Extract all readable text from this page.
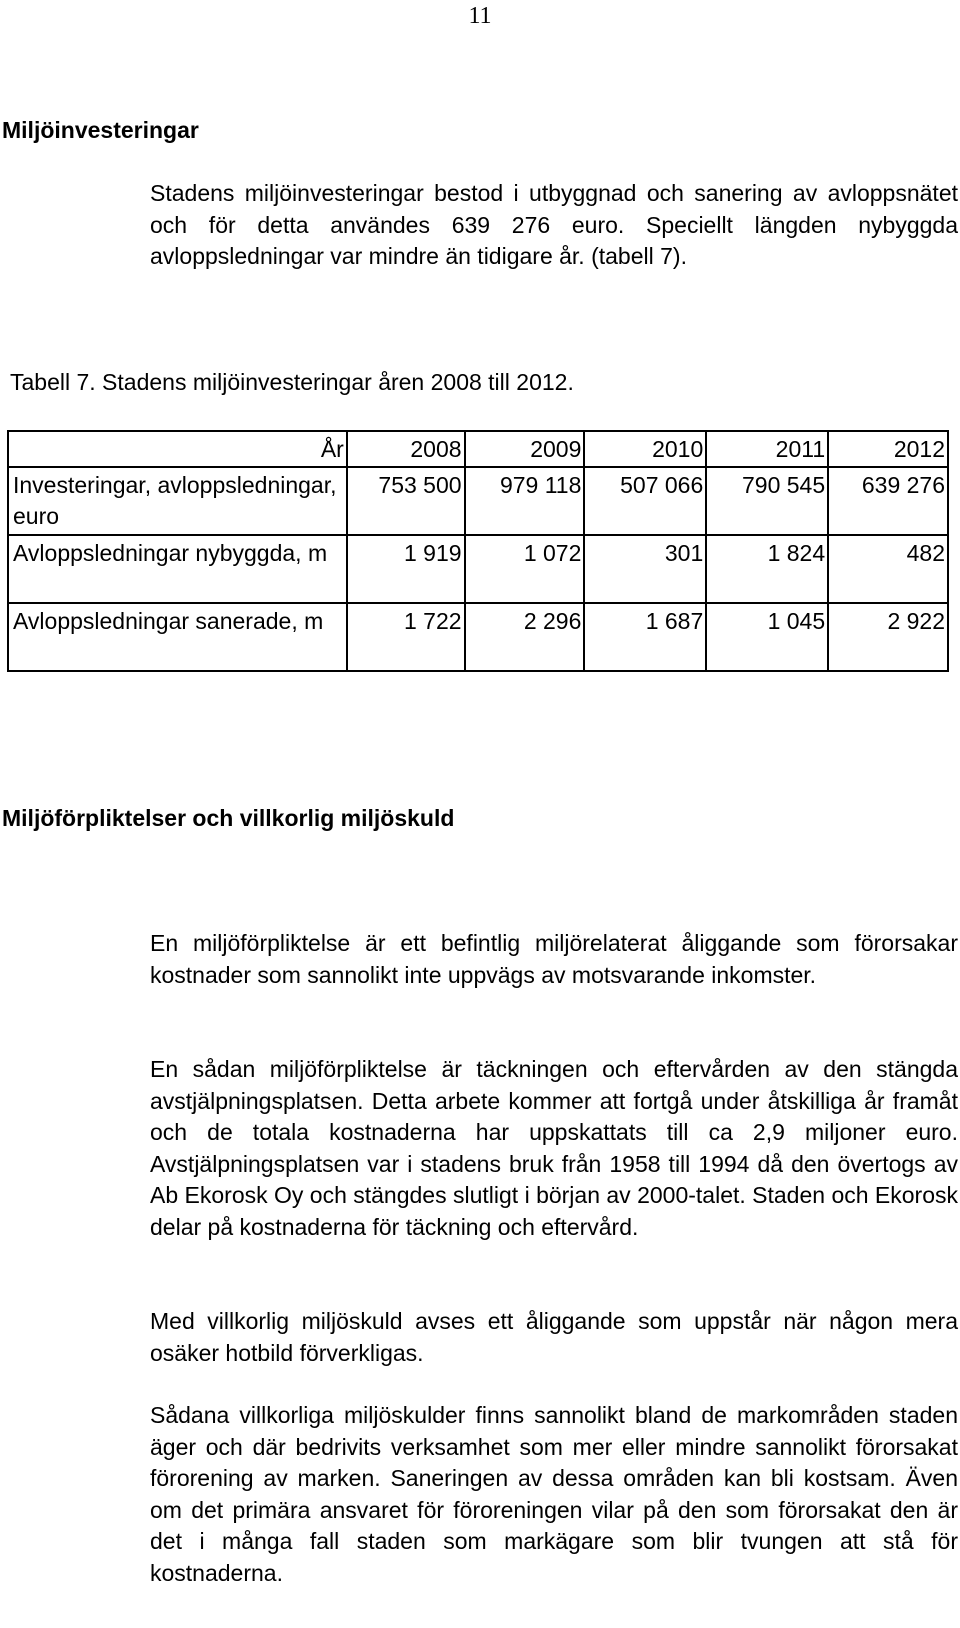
11
Miljöinvesteringar

Stadens miljöinvesteringar bestod i utbyggnad och sanering av avloppsnätet och för detta användes 639 276 euro. Speciellt längden nybyggda avloppsledningar var mindre än tidigare år. (tabell 7).

Tabell 7. Stadens miljöinvesteringar åren 2008 till 2012.

År	2008	2009	2010	2011	2012
Investeringar, avloppsledningar, euro	753 500	979 118	507 066	790 545	639 276
Avloppsledningar nybyggda, m	1 919	1 072	301	1 824	482
Avloppsledningar sanerade, m	1 722	2 296	1 687	1 045	2 922
Miljöförpliktelser och villkorlig miljöskuld

En miljöförpliktelse är ett befintlig miljörelaterat åliggande som förorsakar kostnader som sannolikt inte uppvägs av motsvarande inkomster.

En sådan miljöförpliktelse är täckningen och eftervården av den stängda avstjälpningsplatsen. Detta arbete kommer att fortgå under åtskilliga år framåt och de totala kostnaderna har uppskattats till ca 2,9 miljoner euro. Avstjälpningsplatsen var i stadens bruk från 1958 till 1994 då den övertogs av Ab Ekorosk Oy och stängdes slutligt i början av 2000-talet. Staden och Ekorosk delar på kostnaderna för täckning och eftervård.

Med villkorlig miljöskuld avses ett åliggande som uppstår när någon mera osäker hotbild förverkligas.

Sådana villkorliga miljöskulder finns sannolikt bland de markområden staden äger och där bedrivits verksamhet som mer eller mindre sannolikt förorsakat förorening av marken. Saneringen av dessa områden kan bli kostsam. Även om det primära ansvaret för föroreningen vilar på den som förorsakat den är det i många fall staden som markägare som blir tvungen att stå för kostnaderna.
